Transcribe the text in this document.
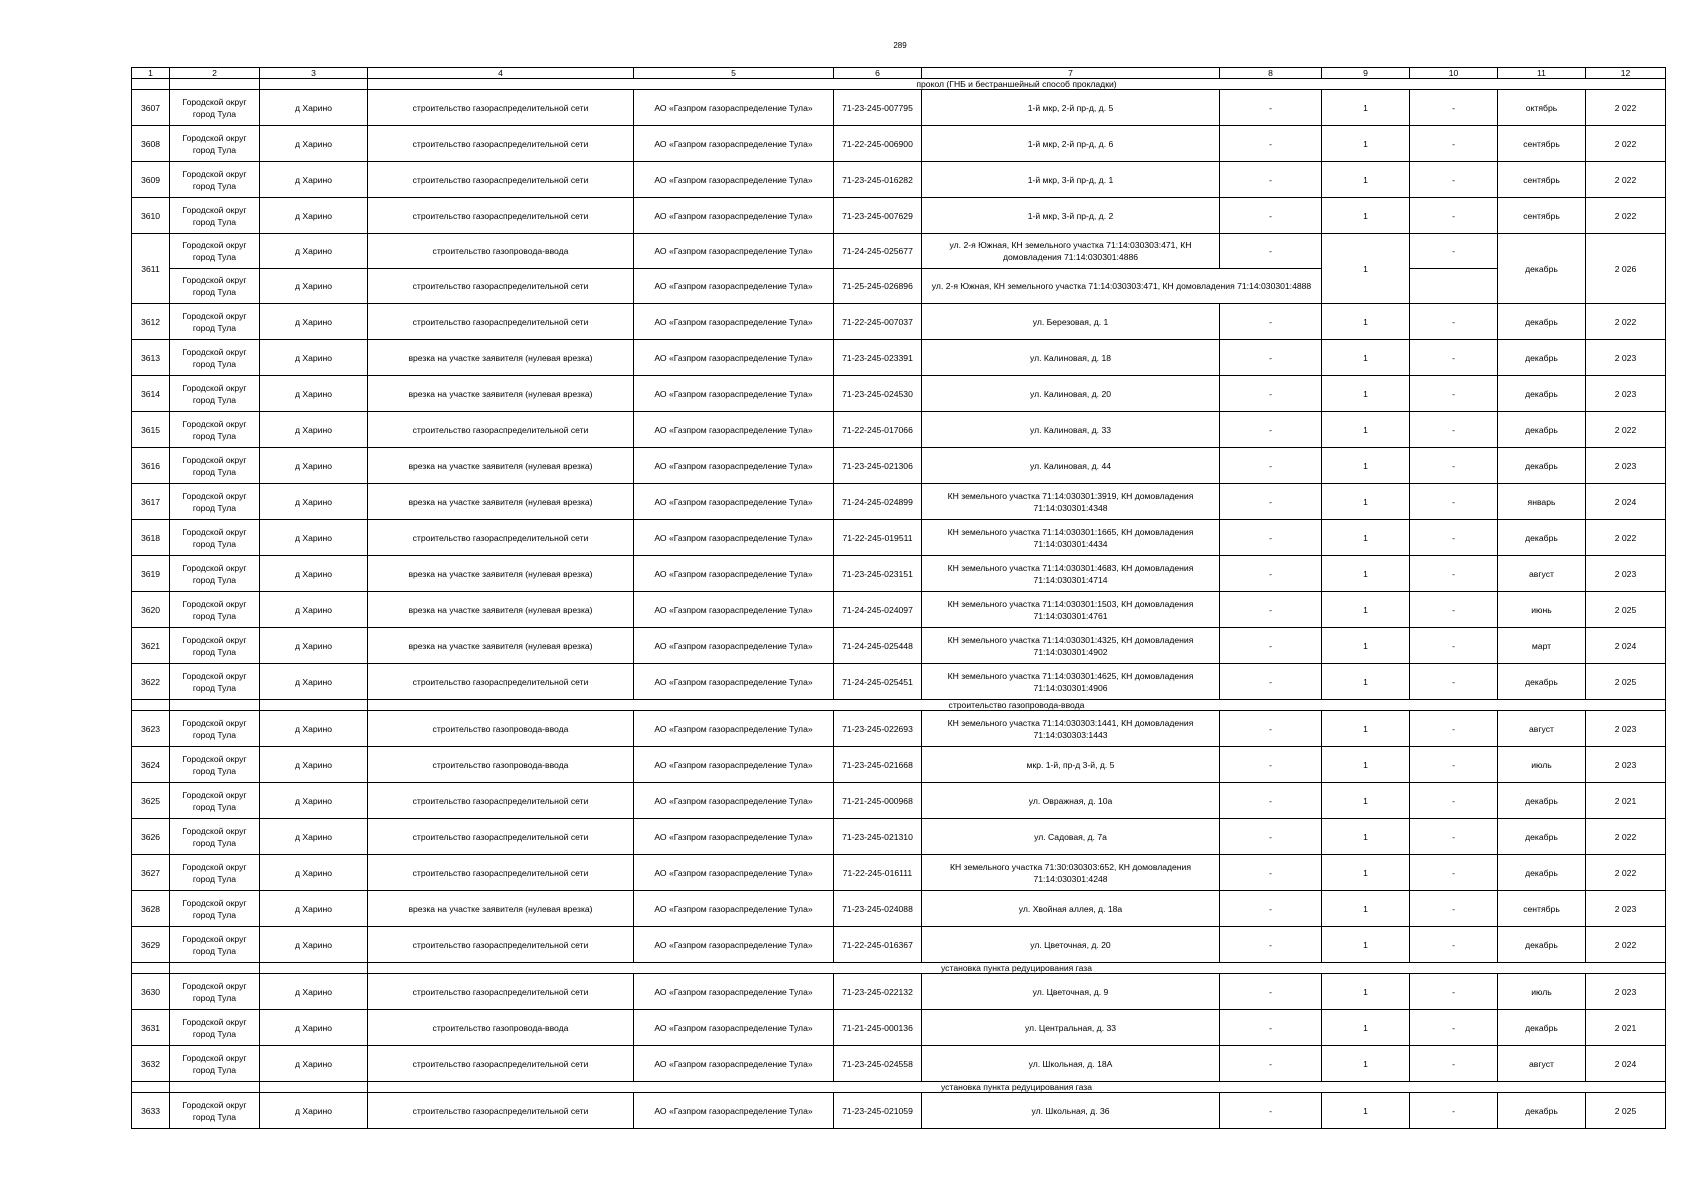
289
1	2	3	4	5	6	7	8	9	10	11	12
			прокол (ГНБ и бестраншейный способ прокладки)								
3607	Городской округ город Тула	д Харино	строительство газораспределительной сети	АО «Газпром газораспределение Тула»	71-23-245-007795	1-й мкр, 2-й пр-д, д. 5	-	1	-	октябрь	2 022
3608	Городской округ город Тула	д Харино	строительство газораспределительной сети	АО «Газпром газораспределение Тула»	71-22-245-006900	1-й мкр, 2-й пр-д, д. 6	-	1	-	сентябрь	2 022
3609	Городской округ город Тула	д Харино	строительство газораспределительной сети	АО «Газпром газораспределение Тула»	71-23-245-016282	1-й мкр, 3-й пр-д, д. 1	-	1	-	сентябрь	2 022
3610	Городской округ город Тула	д Харино	строительство газораспределительной сети	АО «Газпром газораспределение Тула»	71-23-245-007629	1-й мкр, 3-й пр-д, д. 2	-	1	-	сентябрь	2 022
3611	Городской округ город Тула	д Харино	строительство газопровода-ввода	АО «Газпром газораспределение Тула»	71-24-245-025677	ул. 2-я Южная, КН земельного участка 71:14:030303:471, КН домовладения 71:14:030301:4886	-	1	-	декабрь	2 026
	Городской округ город Тула	д Харино	строительство газораспределительной сети	АО «Газпром газораспределение Тула»	71-25-245-026896	ул. 2-я Южная, КН земельного участка 71:14:030303:471, КН домовладения 71:14:030301:4888					
3612	Городской округ город Тула	д Харино	строительство газораспределительной сети	АО «Газпром газораспределение Тула»	71-22-245-007037	ул. Березовая, д. 1	-	1	-	декабрь	2 022
3613	Городской округ город Тула	д Харино	врезка на участке заявителя (нулевая врезка)	АО «Газпром газораспределение Тула»	71-23-245-023391	ул. Калиновая, д. 18	-	1	-	декабрь	2 023
3614	Городской округ город Тула	д Харино	врезка на участке заявителя (нулевая врезка)	АО «Газпром газораспределение Тула»	71-23-245-024530	ул. Калиновая, д. 20	-	1	-	декабрь	2 023
3615	Городской округ город Тула	д Харино	строительство газораспределительной сети	АО «Газпром газораспределение Тула»	71-22-245-017066	ул. Калиновая, д. 33	-	1	-	декабрь	2 022
3616	Городской округ город Тула	д Харино	врезка на участке заявителя (нулевая врезка)	АО «Газпром газораспределение Тула»	71-23-245-021306	ул. Калиновая, д. 44	-	1	-	декабрь	2 023
3617	Городской округ город Тула	д Харино	врезка на участке заявителя (нулевая врезка)	АО «Газпром газораспределение Тула»	71-24-245-024899	КН земельного участка 71:14:030301:3919, КН домовладения 71:14:030301:4348	-	1	-	январь	2 024
3618	Городской округ город Тула	д Харино	строительство газораспределительной сети	АО «Газпром газораспределение Тула»	71-22-245-019511	КН земельного участка 71:14:030301:1665, КН домовладения 71:14:030301:4434	-	1	-	декабрь	2 022
3619	Городской округ город Тула	д Харино	врезка на участке заявителя (нулевая врезка)	АО «Газпром газораспределение Тула»	71-23-245-023151	КН земельного участка 71:14:030301:4683, КН домовладения 71:14:030301:4714	-	1	-	август	2 023
3620	Городской округ город Тула	д Харино	врезка на участке заявителя (нулевая врезка)	АО «Газпром газораспределение Тула»	71-24-245-024097	КН земельного участка 71:14:030301:1503, КН домовладения 71:14:030301:4761	-	1	-	июнь	2 025
3621	Городской округ город Тула	д Харино	врезка на участке заявителя (нулевая врезка)	АО «Газпром газораспределение Тула»	71-24-245-025448	КН земельного участка 71:14:030301:4325, КН домовладения 71:14:030301:4902	-	1	-	март	2 024
3622	Городской округ город Тула	д Харино	строительство газораспределительной сети	АО «Газпром газораспределение Тула»	71-24-245-025451	КН земельного участка 71:14:030301:4625, КН домовладения 71:14:030301:4906	-	1	-	декабрь	2 025
			строительство газопровода-ввода								
3623	Городской округ город Тула	д Харино	строительство газопровода-ввода	АО «Газпром газораспределение Тула»	71-23-245-022693	КН земельного участка 71:14:030303:1441, КН домовладения 71:14:030303:1443	-	1	-	август	2 023
3624	Городской округ город Тула	д Харино	строительство газопровода-ввода	АО «Газпром газораспределение Тула»	71-23-245-021668	мкр. 1-й, пр-д 3-й, д. 5	-	1	-	июль	2 023
3625	Городской округ город Тула	д Харино	строительство газораспределительной сети	АО «Газпром газораспределение Тула»	71-21-245-000968	ул. Овражная, д. 10а	-	1	-	декабрь	2 021
3626	Городской округ город Тула	д Харино	строительство газораспределительной сети	АО «Газпром газораспределение Тула»	71-23-245-021310	ул. Садовая, д. 7а	-	1	-	декабрь	2 022
3627	Городской округ город Тула	д Харино	строительство газораспределительной сети	АО «Газпром газораспределение Тула»	71-22-245-016111	КН земельного участка 71:30:030303:652, КН домовладения 71:14:030301:4248	-	1	-	декабрь	2 022
3628	Городской округ город Тула	д Харино	врезка на участке заявителя (нулевая врезка)	АО «Газпром газораспределение Тула»	71-23-245-024088	ул. Хвойная аллея, д. 18а	-	1	-	сентябрь	2 023
3629	Городской округ город Тула	д Харино	строительство газораспределительной сети	АО «Газпром газораспределение Тула»	71-22-245-016367	ул. Цветочная, д. 20	-	1	-	декабрь	2 022
			установка пункта редуцирования газа								
3630	Городской округ город Тула	д Харино	строительство газораспределительной сети	АО «Газпром газораспределение Тула»	71-23-245-022132	ул. Цветочная, д. 9	-	1	-	июль	2 023
3631	Городской округ город Тула	д Харино	строительство газопровода-ввода	АО «Газпром газораспределение Тула»	71-21-245-000136	ул. Центральная, д. 33	-	1	-	декабрь	2 021
3632	Городской округ город Тула	д Харино	строительство газораспределительной сети	АО «Газпром газораспределение Тула»	71-23-245-024558	ул. Школьная, д. 18А	-	1	-	август	2 024
			установка пункта редуцирования газа								
3633	Городской округ город Тула	д Харино	строительство газораспределительной сети	АО «Газпром газораспределение Тула»	71-23-245-021059	ул. Школьная, д. 36	-	1	-	декабрь	2 025
